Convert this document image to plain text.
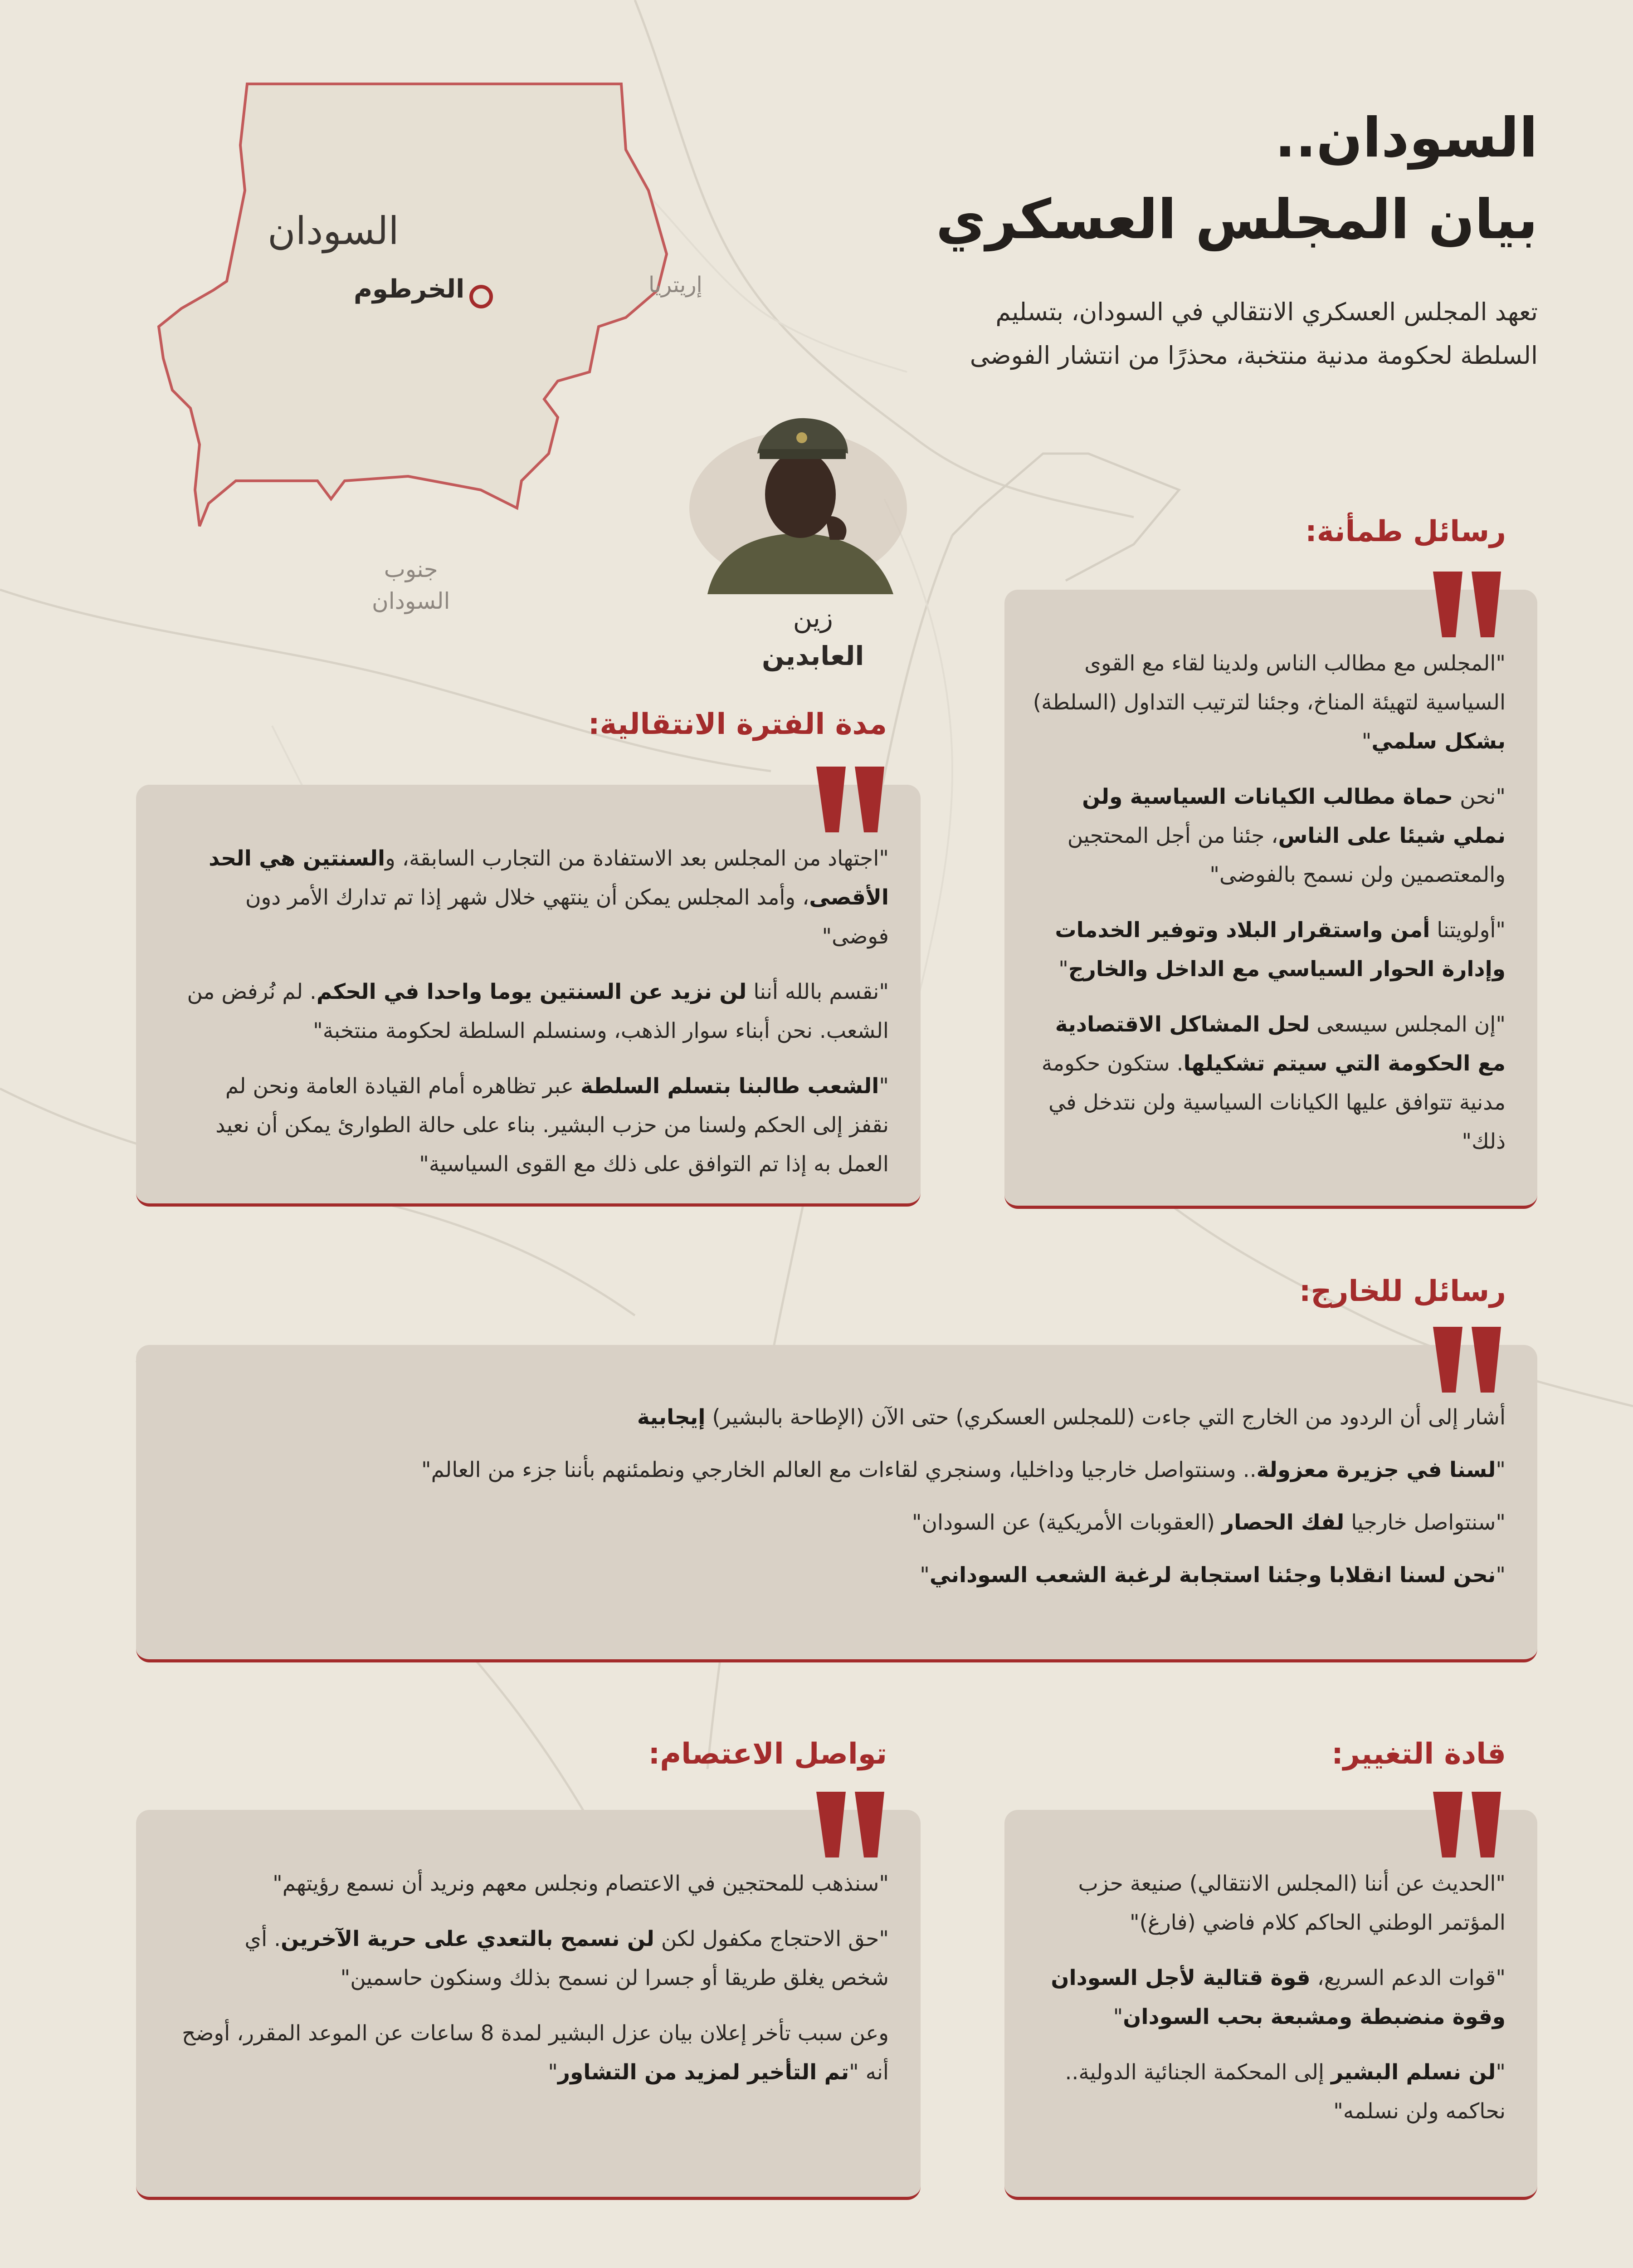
السودان..
بيان المجلس العسكري
تعهد المجلس العسكري الانتقالي في السودان، بتسليم السلطة لحكومة مدنية منتخبة، محذرًا من انتشار الفوضى
السودان
الخرطوم	إريتريا
جنوب
السودان
زين
العابدين
رسائل طمأنة:

"المجلس مع مطالب الناس ولدينا لقاء مع القوى السياسية لتهيئة المناخ، وجئنا لترتيب التداول (السلطة) بشكل سلمي"

"نحن حماة مطالب الكيانات السياسية ولن نملي شيئا على الناس، جئنا من أجل المحتجين والمعتصمين ولن نسمح بالفوضى"

"أولويتنا أمن واستقرار البلاد وتوفير الخدمات وإدارة الحوار السياسي مع الداخل والخارج"

"إن المجلس سيسعى لحل المشاكل الاقتصادية مع الحكومة التي سيتم تشكيلها. ستكون حكومة مدنية تتوافق عليها الكيانات السياسية ولن نتدخل في ذلك"

مدة الفترة الانتقالية:

"اجتهاد من المجلس بعد الاستفادة من التجارب السابقة، والسنتين هي الحد الأقصى، وأمد المجلس يمكن أن ينتهي خلال شهر إذا تم تدارك الأمر دون فوضى"

"نقسم بالله أننا لن نزيد عن السنتين يوما واحدا في الحكم. لم نُرفض من الشعب. نحن أبناء سوار الذهب، وسنسلم السلطة لحكومة منتخبة"

"الشعب طالبنا بتسلم السلطة عبر تظاهره أمام القيادة العامة ونحن لم نقفز إلى الحكم ولسنا من حزب البشير. بناء على حالة الطوارئ يمكن أن نعيد العمل به إذا تم التوافق على ذلك مع القوى السياسية"

رسائل للخارج:

أشار إلى أن الردود من الخارج التي جاءت (للمجلس العسكري) حتى الآن (الإطاحة بالبشير) إيجابية

"لسنا في جزيرة معزولة.. وسنتواصل خارجيا وداخليا، وسنجري لقاءات مع العالم الخارجي ونطمئنهم بأننا جزء من العالم"

"سنتواصل خارجيا لفك الحصار (العقوبات الأمريكية) عن السودان"

"نحن لسنا انقلابا وجئنا استجابة لرغبة الشعب السوداني"

قادة التغيير:

"الحديث عن أننا (المجلس الانتقالي) صنيعة حزب المؤتمر الوطني الحاكم كلام فاضي (فارغ)"

"قوات الدعم السريع، قوة قتالية لأجل السودان وقوة منضبطة ومشبعة بحب السودان"

"لن نسلم البشير إلى المحكمة الجنائية الدولية.. نحاكمه ولن نسلمه"

تواصل الاعتصام:

"سنذهب للمحتجين في الاعتصام ونجلس معهم ونريد أن نسمع رؤيتهم"

"حق الاحتجاج مكفول لكن لن نسمح بالتعدي على حرية الآخرين. أي شخص يغلق طريقا أو جسرا لن نسمح بذلك وسنكون حاسمين"

وعن سبب تأخر إعلان بيان عزل البشير لمدة 8 ساعات عن الموعد المقرر، أوضح أنه "تم التأخير لمزيد من التشاور"
